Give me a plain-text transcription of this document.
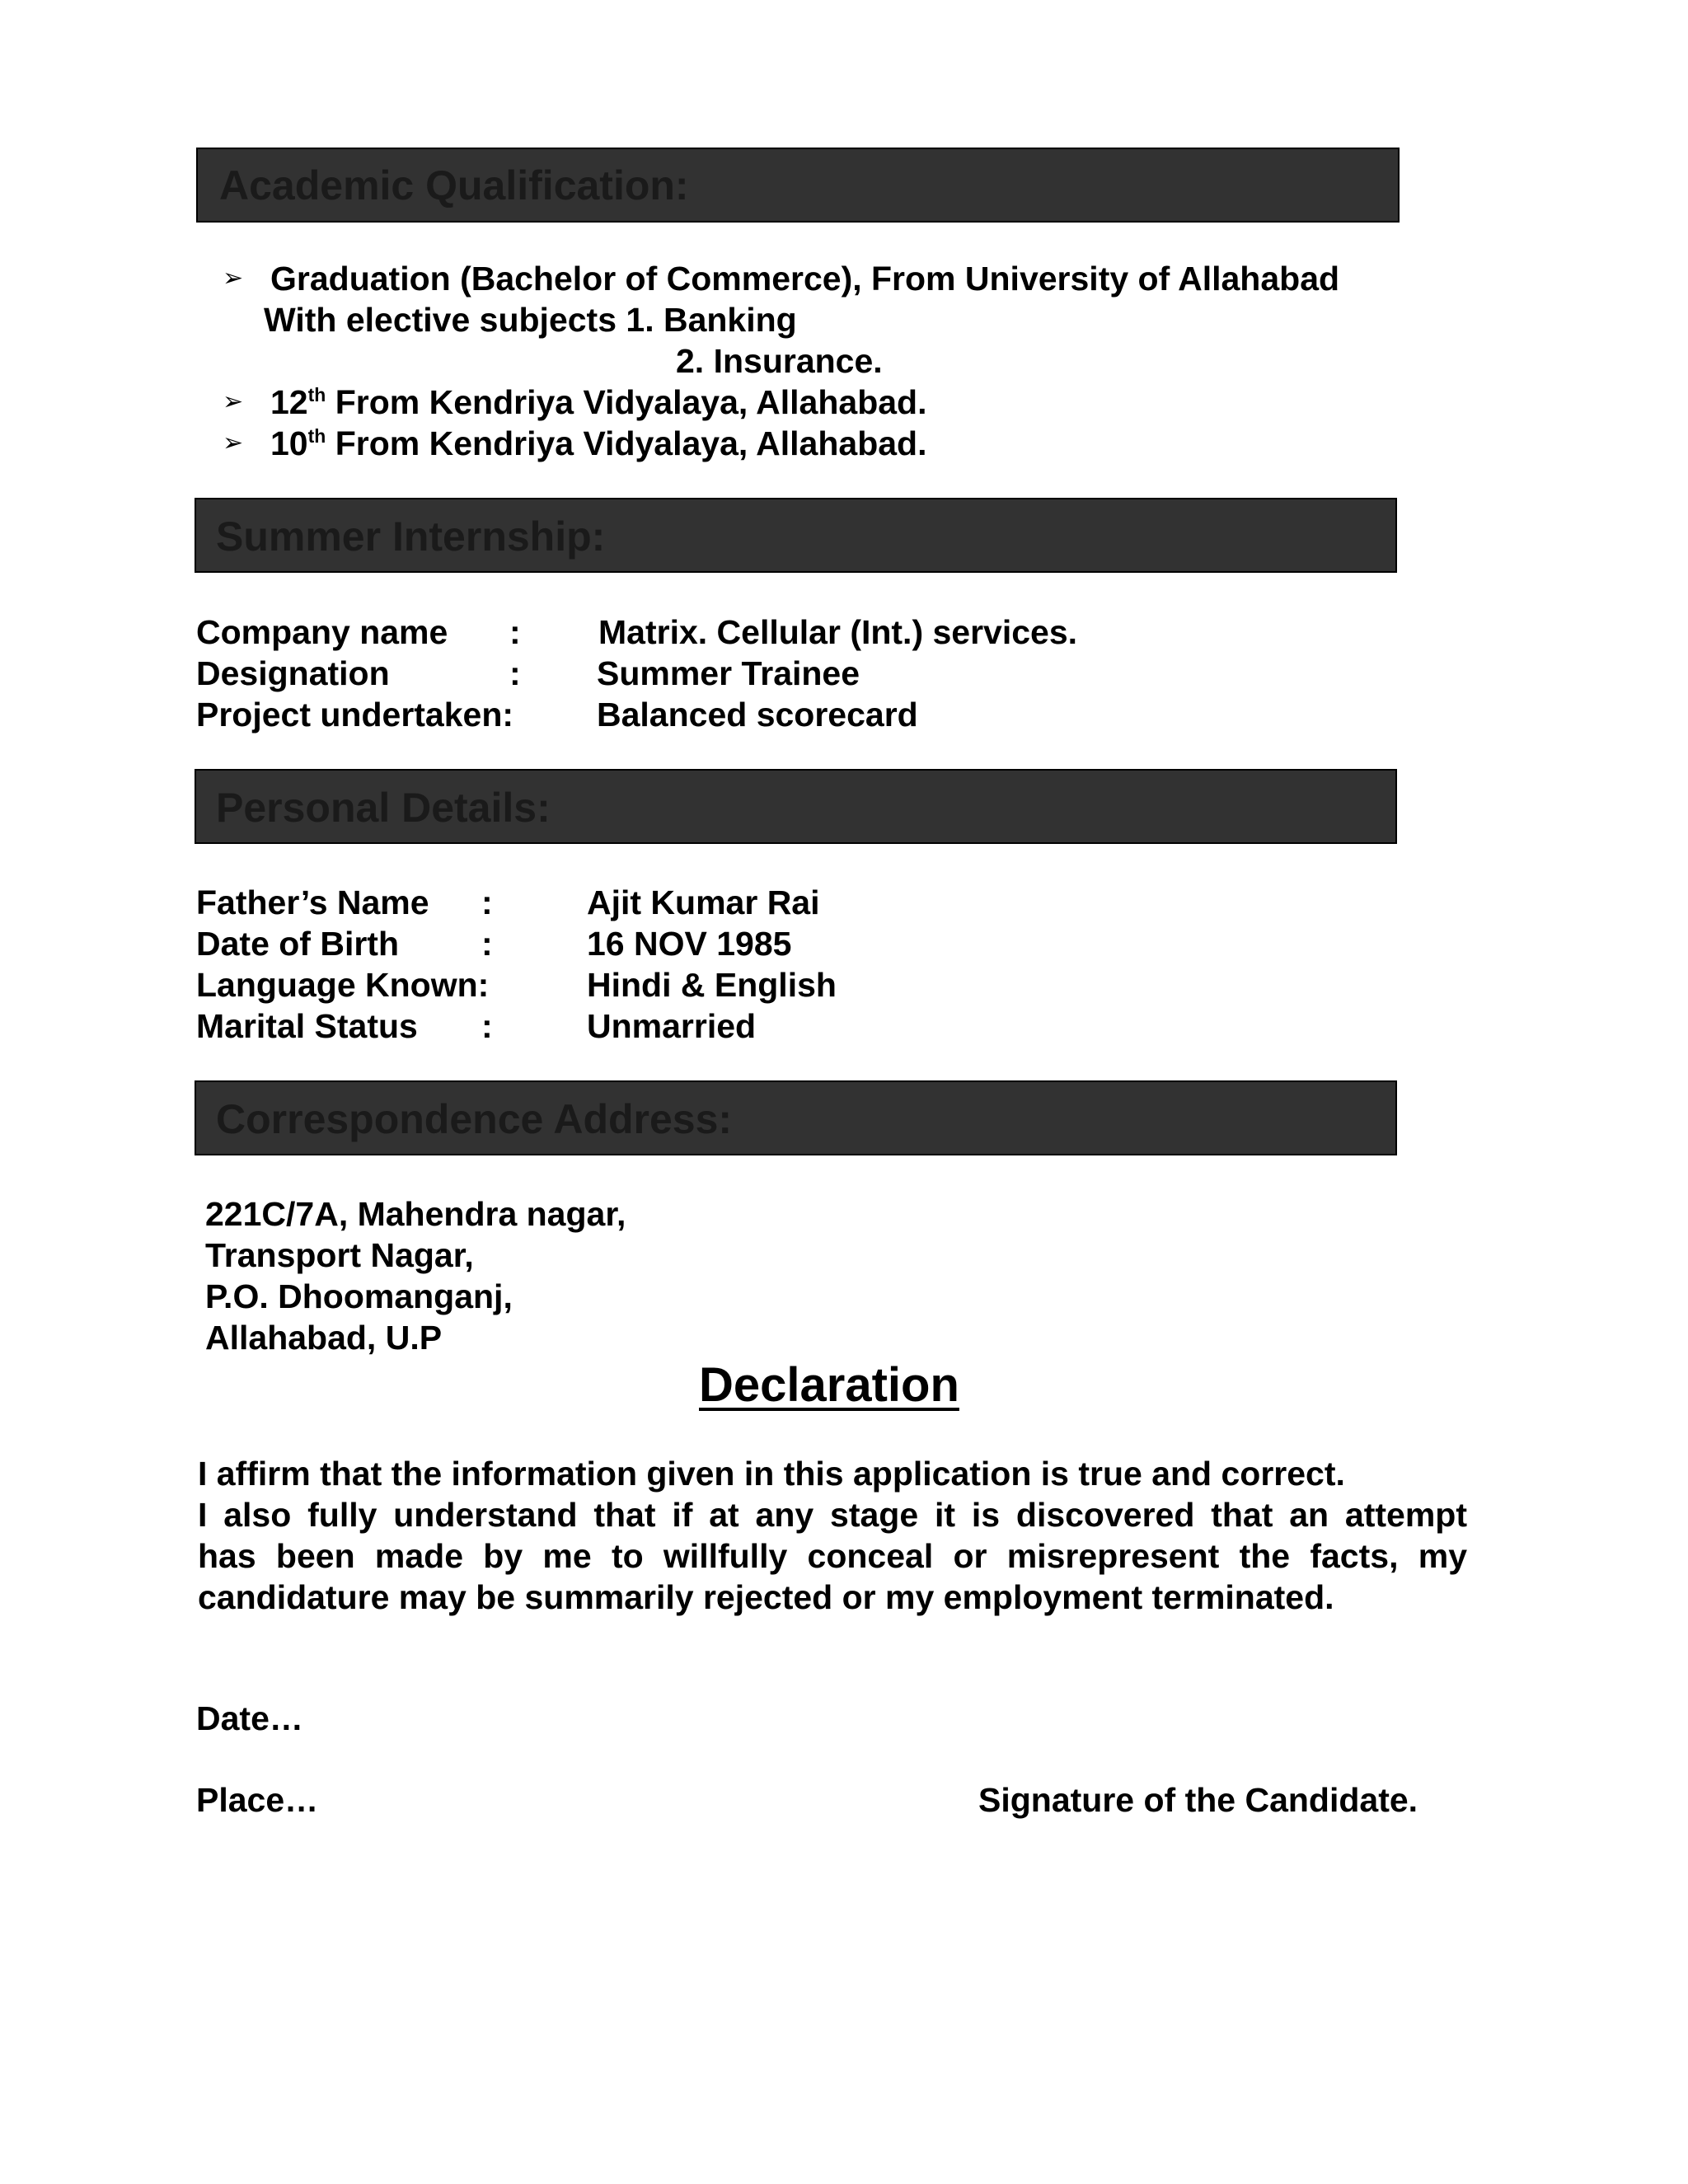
Academic Qualification:
➢ Graduation (Bachelor of Commerce), From University of Allahabad
With elective subjects 1. Banking
2. Insurance.
➢ 12th From Kendriya Vidyalaya, Allahabad.
➢ 10th From Kendriya Vidyalaya, Allahabad.
Summer Internship:
Company name : Matrix. Cellular (Int.) services.
Designation	: Summer Trainee
Project undertaken: Balanced scorecard
Personal Details:
Father’s Name :	Ajit Kumar Rai
Date of Birth :	16 NOV 1985
Language Known:	Hindi & English
Marital Status :	Unmarried
Correspondence Address:
221C/7A, Mahendra nagar,
Transport Nagar,
P.O. Dhoomanganj,
Allahabad, U.P
Declaration
I affirm that the information given in this application is true and correct.
I also fully understand that if at any stage it is discovered that an attempt
has been made by me to willfully conceal or misrepresent the facts, my
candidature may be summarily rejected or my employment terminated.
Date…
Place…	Signature of the Candidate.
